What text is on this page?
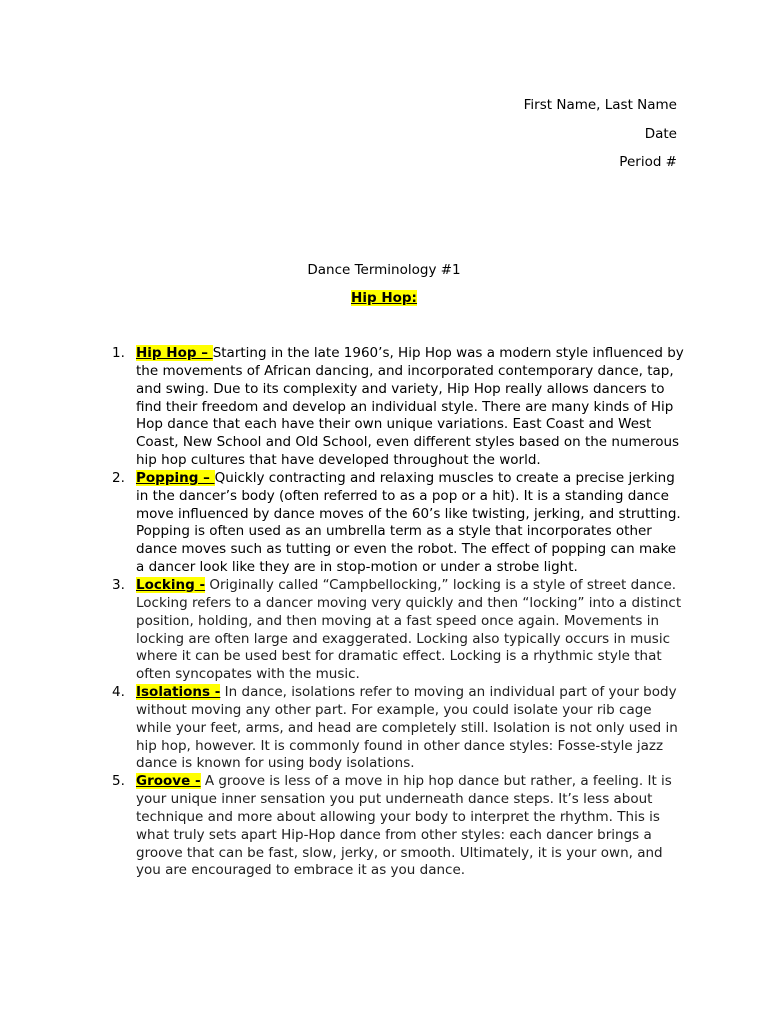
First Name, Last Name
Date
Period #
Dance Terminology #1
Hip Hop:
1. Hip Hop – Starting in the late 1960’s, Hip Hop was a modern style influenced by the movements of African dancing, and incorporated contemporary dance, tap, and swing. Due to its complexity and variety, Hip Hop really allows dancers to find their freedom and develop an individual style. There are many kinds of Hip Hop dance that each have their own unique variations. East Coast and West Coast, New School and Old School, even different styles based on the numerous hip hop cultures that have developed throughout the world.
2. Popping – Quickly contracting and relaxing muscles to create a precise jerking in the dancer’s body (often referred to as a pop or a hit). It is a standing dance move influenced by dance moves of the 60’s like twisting, jerking, and strutting. Popping is often used as an umbrella term as a style that incorporates other dance moves such as tutting or even the robot. The effect of popping can make a dancer look like they are in stop-motion or under a strobe light.
3. Locking - Originally called “Campbellocking,” locking is a style of street dance. Locking refers to a dancer moving very quickly and then “locking” into a distinct position, holding, and then moving at a fast speed once again. Movements in locking are often large and exaggerated. Locking also typically occurs in music where it can be used best for dramatic effect. Locking is a rhythmic style that often syncopates with the music.
4. Isolations - In dance, isolations refer to moving an individual part of your body without moving any other part. For example, you could isolate your rib cage while your feet, arms, and head are completely still. Isolation is not only used in hip hop, however. It is commonly found in other dance styles: Fosse-style jazz dance is known for using body isolations.
5. Groove - A groove is less of a move in hip hop dance but rather, a feeling. It is your unique inner sensation you put underneath dance steps. It’s less about technique and more about allowing your body to interpret the rhythm. This is what truly sets apart Hip-Hop dance from other styles: each dancer brings a groove that can be fast, slow, jerky, or smooth. Ultimately, it is your own, and you are encouraged to embrace it as you dance.
